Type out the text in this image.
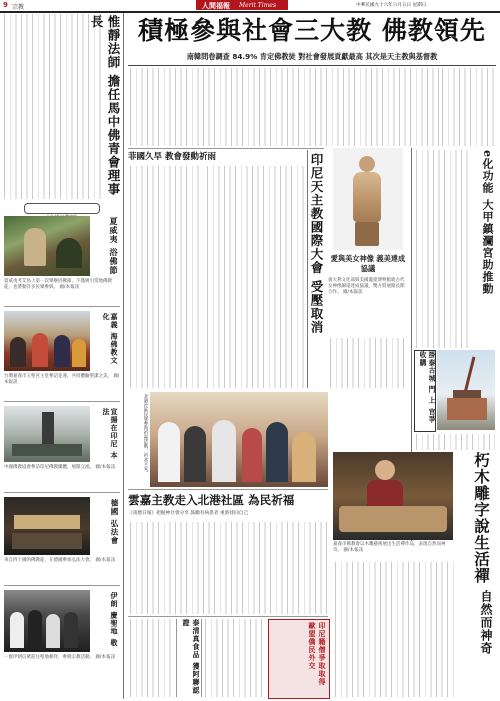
9 宗教	人間福報 Merit Times	中華民國九十六年六月五日 星期日
惟靜法師 擔任馬中佛青會理事長
夏威夷 浴佛節
夏威夷考艾島上第一次舉辦浴佛節，不僅吸引當地佛教徒，也帶動許多民眾參與。 圖/本報訊
嘉義 海佛教文化
台灣嘉義市玉聖宮主堂參訪花蓮，共同體驗聖潔之美。 圖/本報訊
宣揚在印尼 本法
中國佛教協會參訪印尼佛教團體，展開交流。 圖/本報訊
德國 弘法會
來自四十國的佛教徒，在德國參加弘法大會。 圖/本報訊
伊朗 慶聖地 敬
一群伊朗信眾前往聖地朝拜，參與宗教活動。 圖/本報訊
積極參與社會三大教 佛教領先
南韓問卷調查 84.9% 肯定佛教徒 對社會發展貢獻最高 其次是天主教與基督教
菲國久旱 教會發動祈雨	印尼天主教國際大會 受壓取消 愛與美女神像 義美達成協議
義大利文化部與美國蓋提博物館就古代女神像歸還達成協議，雙方將展開長期合作。 圖/本報訊	e化功能 大甲鎮瀾宮助推動
掛泰古城 門 上 官爭 收購
北港社區民眾參與祈福活動，祈求平安。
朽木雕字說生活禪
自然而神奇
嘉義市佛教會以木雕藝術展出生活禪作品，表現自然而神奇。 圖/本報訊
雲嘉主教走入北港社區 為民祈福
《南德日報》把握神社會分享 鼓勵有病患者 重新找回自己
泰清真食品 獲阿聯認證	印尼籍僧爭取取得 歐盟僑民外交
